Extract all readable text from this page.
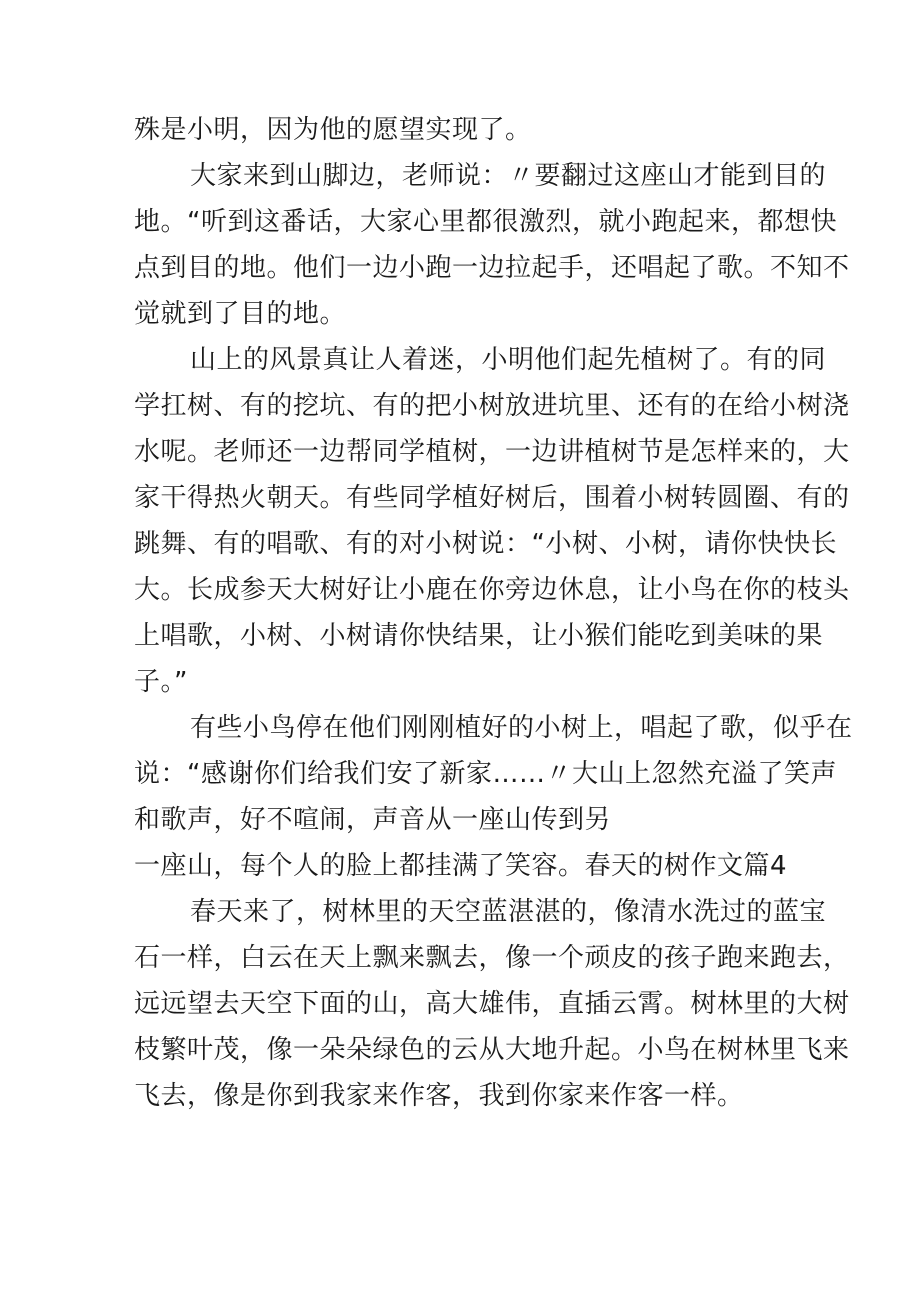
殊是小明，因为他的愿望实现了。
大家来到山脚边，老师说：〃要翻过这座山才能到目的
地。“听到这番话，大家心里都很激烈，就小跑起来，都想快
点到目的地。他们一边小跑一边拉起手，还唱起了歌。不知不
觉就到了目的地。
山上的风景真让人着迷，小明他们起先植树了。有的同
学扛树、有的挖坑、有的把小树放进坑里、还有的在给小树浇
水呢。老师还一边帮同学植树，一边讲植树节是怎样来的，大
家干得热火朝天。有些同学植好树后，围着小树转圆圈、有的
跳舞、有的唱歌、有的对小树说：“小树、小树，请你快快长
大。长成参天大树好让小鹿在你旁边休息，让小鸟在你的枝头
上唱歌，小树、小树请你快结果，让小猴们能吃到美味的果
子。”
有些小鸟停在他们刚刚植好的小树上，唱起了歌，似乎在
说：“感谢你们给我们安了新家……〃大山上忽然充溢了笑声
和歌声，好不喧闹，声音从一座山传到另
一座山，每个人的脸上都挂满了笑容。春天的树作文篇4
春天来了，树林里的天空蓝湛湛的，像清水洗过的蓝宝
石一样，白云在天上飘来飘去，像一个顽皮的孩子跑来跑去，
远远望去天空下面的山，高大雄伟，直插云霄。树林里的大树
枝繁叶茂，像一朵朵绿色的云从大地升起。小鸟在树林里飞来
飞去，像是你到我家来作客，我到你家来作客一样。
